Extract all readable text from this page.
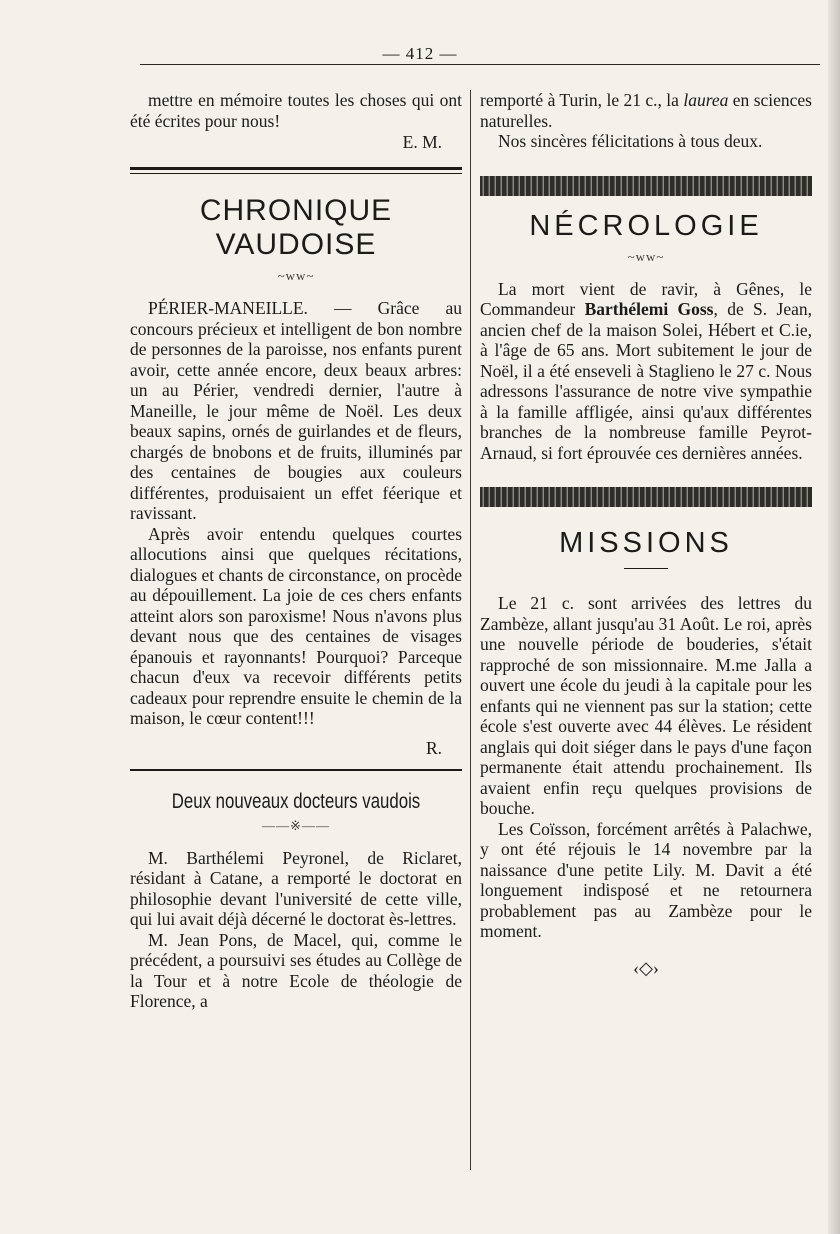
— 412 —

mettre en mémoire toutes les choses qui ont été écrites pour nous!

E. M.
CHRONIQUE VAUDOISE
~ww~

PÉRIER-MANEILLE. — Grâce au concours précieux et intelligent de bon nombre de personnes de la paroisse, nos enfants purent avoir, cette année encore, deux beaux arbres: un au Périer, vendredi dernier, l'autre à Maneille, le jour même de Noël. Les deux beaux sapins, ornés de guirlandes et de fleurs, chargés de bnobons et de fruits, illuminés par des centaines de bougies aux couleurs différentes, produisaient un effet féerique et ravissant.

Après avoir entendu quelques courtes allocutions ainsi que quelques récitations, dialogues et chants de circonstance, on procède au dépouillement. La joie de ces chers enfants atteint alors son paroxisme! Nous n'avons plus devant nous que des centaines de visages épanouis et rayonnants! Pourquoi? Parceque chacun d'eux va recevoir différents petits cadeaux pour reprendre ensuite le chemin de la maison, le cœur content!!!

R.
Deux nouveaux docteurs vaudois
——※——

M. Barthélemi Peyronel, de Riclaret, résidant à Catane, a remporté le doctorat en philosophie devant l'université de cette ville, qui lui avait déjà décerné le doctorat ès-lettres.

M. Jean Pons, de Macel, qui, comme le précédent, a poursuivi ses études au Collège de la Tour et à notre Ecole de théologie de Florence, a

remporté à Turin, le 21 c., la laurea en sciences naturelles.

Nos sincères félicitations à tous deux.

NÉCROLOGIE
~ww~

La mort vient de ravir, à Gênes, le Commandeur Barthélemi Goss, de S. Jean, ancien chef de la maison Solei, Hébert et C.ie, à l'âge de 65 ans. Mort subitement le jour de Noël, il a été enseveli à Staglieno le 27 c. Nous adressons l'assurance de notre vive sympathie à la famille affligée, ainsi qu'aux différentes branches de la nombreuse famille Peyrot-Arnaud, si fort éprouvée ces dernières années.

MISSIONS

Le 21 c. sont arrivées des lettres du Zambèze, allant jusqu'au 31 Août. Le roi, après une nouvelle période de bouderies, s'était rapproché de son missionnaire. M.me Jalla a ouvert une école du jeudi à la capitale pour les enfants qui ne viennent pas sur la station; cette école s'est ouverte avec 44 élèves. Le résident anglais qui doit siéger dans le pays d'une façon permanente était attendu prochainement. Ils avaient enfin reçu quelques provisions de bouche.

Les Coïsson, forcément arrêtés à Palachwe, y ont été réjouis le 14 novembre par la naissance d'une petite Lily. M. Davit a été longuement indisposé et ne retournera probablement pas au Zambèze pour le moment.

‹◇›
